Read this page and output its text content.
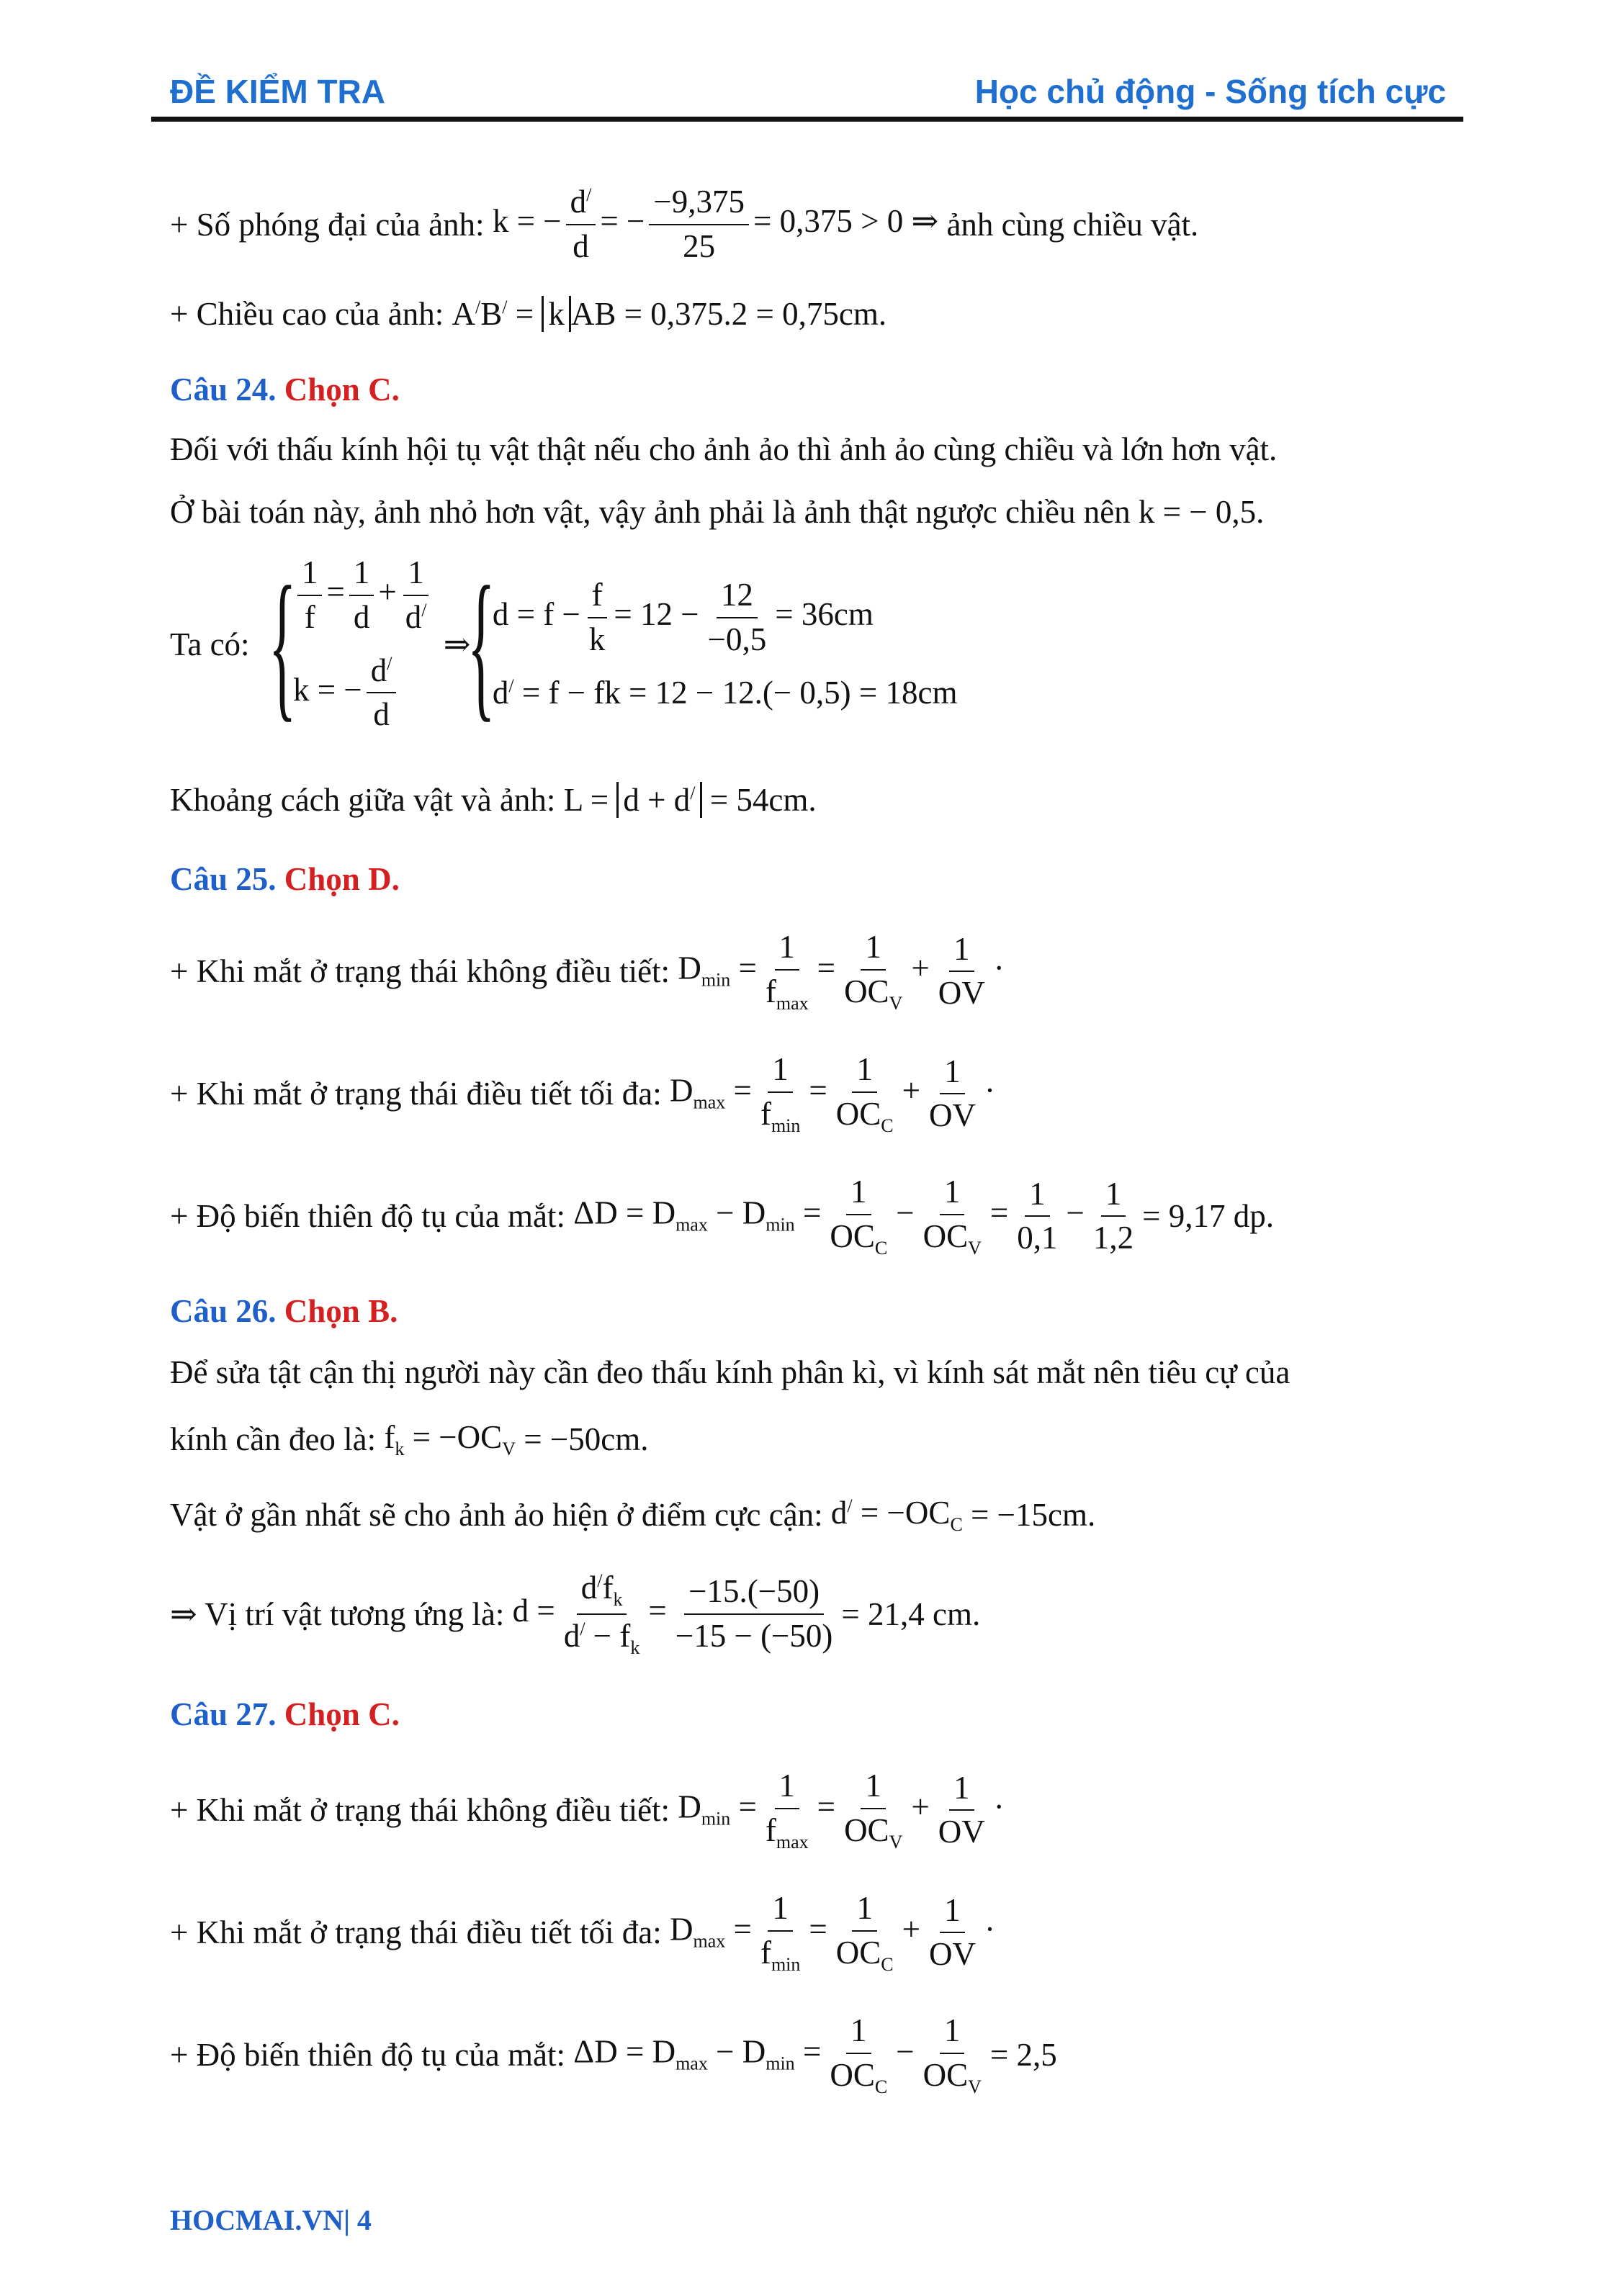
ĐỀ KIỂM TRA	Học chủ động - Sống tích cực
+ Số phóng đại của ảnh: k = − $\frac{d^/}{d}$ = − $\frac{-9,375}{25} = 0,375 > 0$ ⇒ ảnh cùng chiều vật.
+ Chiều cao của ảnh: A/B/ = k AB = 0,375.2 = 0,75cm.
Câu 24.
Chọn C.
Đối với thấu kính hội tụ vật thật nếu cho ảnh ảo thì ảnh ảo cùng chiều và lớn hơn vật.
Ở bài toán này, ảnh nhỏ hơn vật, vậy ảnh phải là ảnh thật ngược chiều nên k = − 0,5.
Ta có: { $\frac{1}{f} = \frac{1}{d} + \frac{1}{d^/}$
k = − $\frac{d^/}{d}$
⇒
{
$d = f - \frac{f}{k} = 12 - \frac{12}{-0,5} = 36cm$
d/ = f − fk = 12 − 12.(− 0,5) = 18cm
Khoảng cách giữa vật và ảnh: L = d + d/ = 54cm.
Câu 25.
Chọn D.
+ Khi mắt ở trạng thái không điều tiết: $D_{min} = \frac{1}{f_{max}} = \frac{1}{OC_V} + \frac{1}{OV}$ ·
+ Khi mắt ở trạng thái điều tiết tối đa: $D_{max} = \frac{1}{f_{min}} = \frac{1}{OC_C} + \frac{1}{OV}$ ·
+ Độ biến thiên độ tụ của mắt: $\Delta D = D_{max} - D_{min} = \frac{1}{OC_C} - \frac{1}{OC_V} = \frac{1}{0,1} - \frac{1}{1,2} = 9,17$ dp.
Câu 26.
Chọn B.
Để sửa tật cận thị người này cần đeo thấu kính phân kì, vì kính sát mắt nên tiêu cự của
kính cần đeo là: $f_k = -OC_V = -50cm$.
Vật ở gần nhất sẽ cho ảnh ảo hiện ở điểm cực cận: $d^/ = -OC_C = -15cm$.
⇒ Vị trí vật tương ứng là: $d = \frac{d^/f_k}{d^/ - f_k} = \frac{-15.(-50)}{-15 - (-50)} = 21,4$ cm.
Câu 27.
Chọn C.
+ Khi mắt ở trạng thái không điều tiết: $D_{min} = \frac{1}{f_{max}} = \frac{1}{OC_V} + \frac{1}{OV}$ ·
+ Khi mắt ở trạng thái điều tiết tối đa: $D_{max} = \frac{1}{f_{min}} = \frac{1}{OC_C} + \frac{1}{OV}$ ·
+ Độ biến thiên độ tụ của mắt: $\Delta D = D_{max} - D_{min} = \frac{1}{OC_C} - \frac{1}{OC_V} = 2,5$
HOCMAI.VN| 4
